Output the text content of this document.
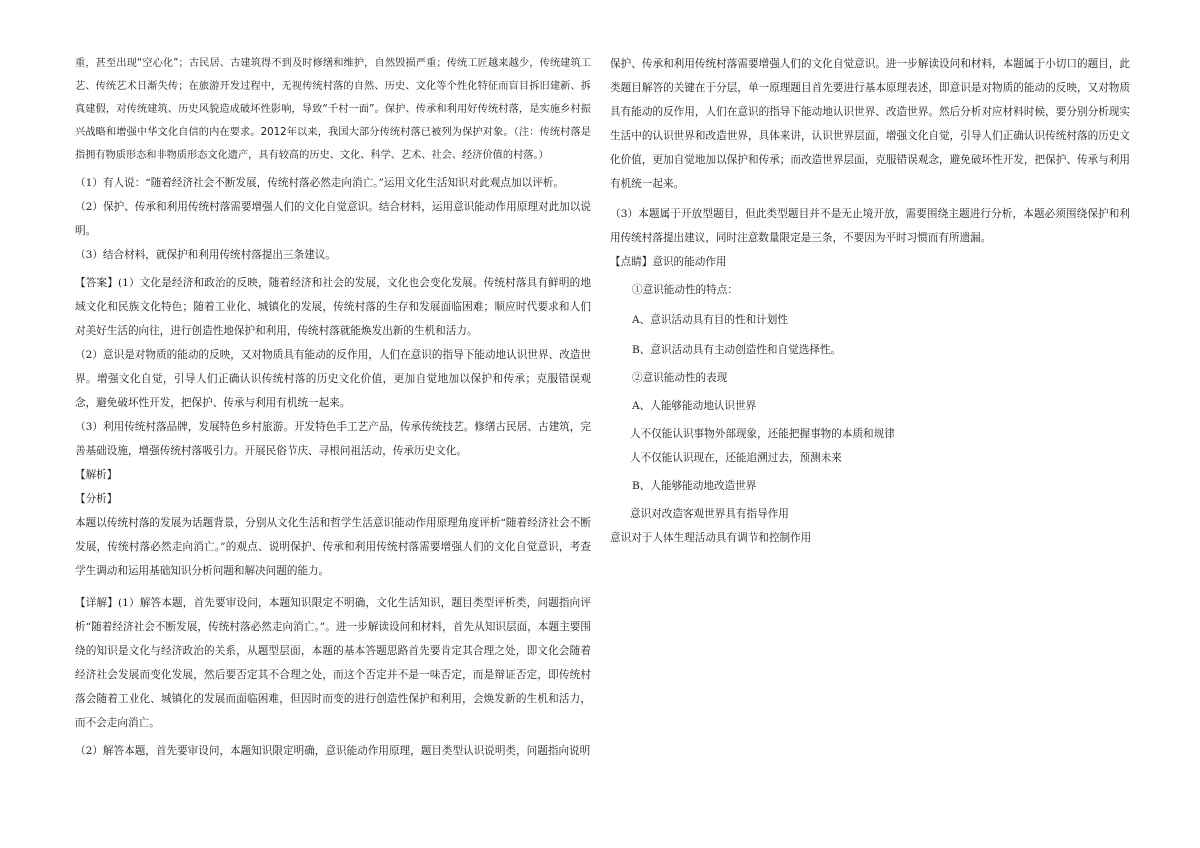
重，甚至出现“空心化”；古民居、古建筑得不到及时修缮和维护，自然毁损严重；传统工匠越来越少，传统建筑工艺、传统艺术日渐失传；在旅游开发过程中，无视传统村落的自然、历史、文化等个性化特征而盲目拆旧建新、拆真建假，对传统建筑、历史风貌造成破坏性影响，导致“千村一面”。保护、传承和利用好传统村落，是实施乡村振兴战略和增强中华文化自信的内在要求。2012年以来，我国大部分传统村落已被列为保护对象。（注：传统村落是指拥有物质形态和非物质形态文化遗产，具有较高的历史、文化、科学、艺术、社会、经济价值的村落。）

（1）有人说：“随着经济社会不断发展，传统村落必然走向消亡。”运用文化生活知识对此观点加以评析。

（2）保护、传承和利用传统村落需要增强人们的文化自觉意识。结合材料，运用意识能动作用原理对此加以说明。

（3）结合材料，就保护和利用传统村落提出三条建议。

【答案】(1）文化是经济和政治的反映，随着经济和社会的发展，文化也会变化发展。传统村落具有鲜明的地域文化和民族文化特色；随着工业化、城镇化的发展，传统村落的生存和发展面临困难；顺应时代要求和人们对美好生活的向往，进行创造性地保护和利用，传统村落就能焕发出新的生机和活力。

（2）意识是对物质的能动的反映，又对物质具有能动的反作用，人们在意识的指导下能动地认识世界、改造世界。增强文化自觉，引导人们正确认识传统村落的历史文化价值，更加自觉地加以保护和传承；克服错误观念，避免破坏性开发，把保护、传承与利用有机统一起来。

（3）利用传统村落品牌，发展特色乡村旅游。开发特色手工艺产品，传承传统技艺。修缮古民居、古建筑，完善基础设施，增强传统村落吸引力。开展民俗节庆、寻根问祖活动，传承历史文化。

【解析】

【分析】

本题以传统村落的发展为话题背景，分别从文化生活和哲学生活意识能动作用原理角度评析“随着经济社会不断发展，传统村落必然走向消亡。”的观点、说明保护、传承和利用传统村落需要增强人们的文化自觉意识，考查学生调动和运用基础知识分析问题和解决问题的能力。

【详解】(1）解答本题，首先要审设问，本题知识限定不明确，文化生活知识，题目类型评析类，问题指向评析“随着经济社会不断发展，传统村落必然走向消亡。”。进一步解读设问和材料，首先从知识层面，本题主要围绕的知识是文化与经济政治的关系，从题型层面，本题的基本答题思路首先要肯定其合理之处，即文化会随着经济社会发展而变化发展，然后要否定其不合理之处，而这个否定并不是一味否定，而是辩证否定，即传统村落会随着工业化、城镇化的发展而面临困难，但因时而变的进行创造性保护和利用，会焕发新的生机和活力，而不会走向消亡。

（2）解答本题，首先要审设问，本题知识限定明确，意识能动作用原理，题目类型认识说明类，问题指向说明

保护、传承和利用传统村落需要增强人们的文化自觉意识。进一步解读设问和材料，本题属于小切口的题目，此类题目解答的关键在于分层，单一原理题目首先要进行基本原理表述，即意识是对物质的能动的反映，又对物质具有能动的反作用，人们在意识的指导下能动地认识世界、改造世界。然后分析对应材料时候，要分别分析现实生活中的认识世界和改造世界，具体来讲，认识世界层面，增强文化自觉，引导人们正确认识传统村落的历史文化价值，更加自觉地加以保护和传承；而改造世界层面，克服错误观念，避免破坏性开发，把保护、传承与利用有机统一起来。

（3）本题属于开放型题目，但此类型题目并不是无止境开放，需要围绕主题进行分析，本题必须围绕保护和利用传统村落提出建议，同时注意数量限定是三条，不要因为平时习惯而有所遗漏。

【点睛】意识的能动作用

①意识能动性的特点：

A、意识活动具有目的性和计划性

B、意识活动具有主动创造性和自觉选择性。

②意识能动性的表现

A、人能够能动地认识世界

人不仅能认识事物外部现象，还能把握事物的本质和规律

人不仅能认识现在，还能追溯过去，预测未来

B、人能够能动地改造世界

意识对改造客观世界具有指导作用

意识对于人体生理活动具有调节和控制作用
